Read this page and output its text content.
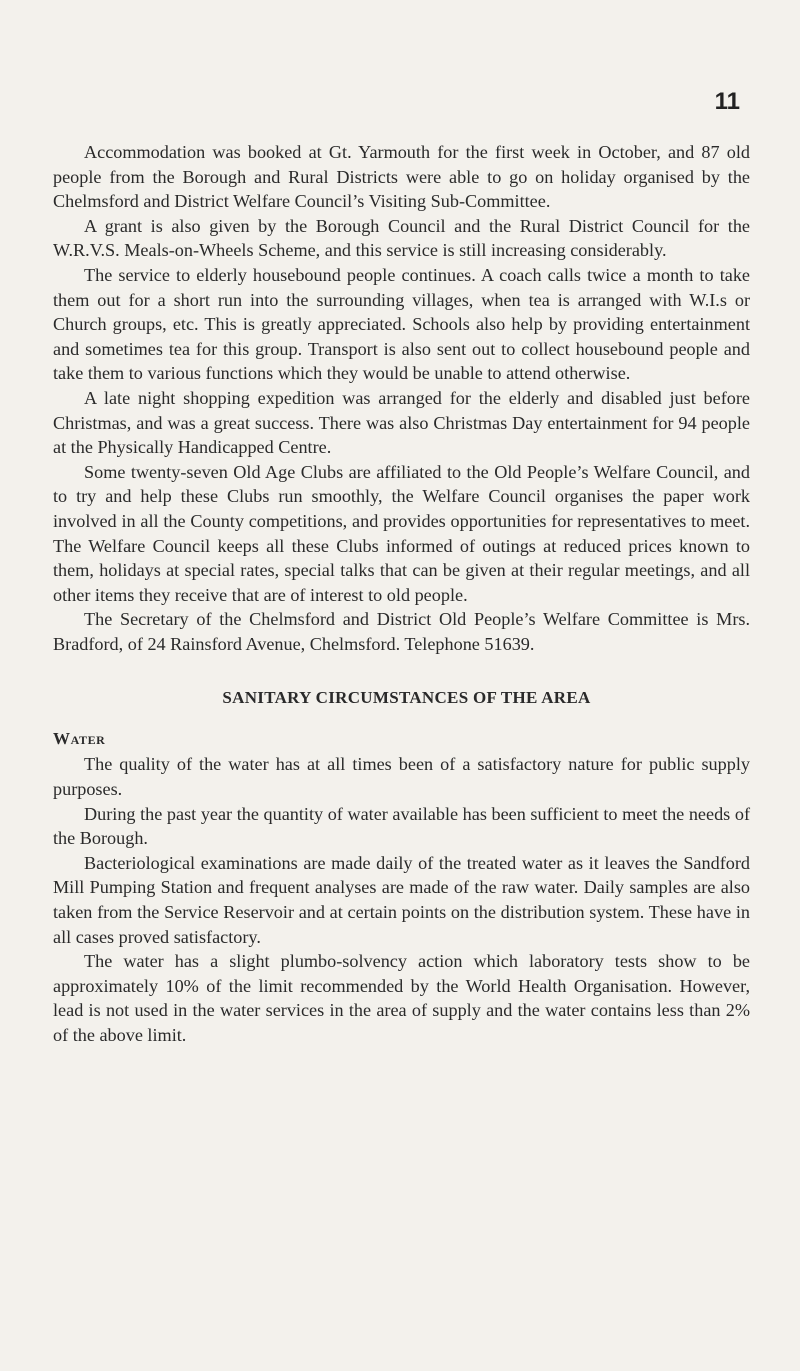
11

Accommodation was booked at Gt. Yarmouth for the first week in October, and 87 old people from the Borough and Rural Districts were able to go on holiday organised by the Chelmsford and District Welfare Council’s Visiting Sub-Committee.

A grant is also given by the Borough Council and the Rural District Council for the W.R.V.S. Meals-on-Wheels Scheme, and this service is still increasing considerably.

The service to elderly housebound people continues. A coach calls twice a month to take them out for a short run into the surrounding villages, when tea is arranged with W.I.s or Church groups, etc. This is greatly appreciated. Schools also help by providing entertainment and sometimes tea for this group. Transport is also sent out to collect housebound people and take them to various functions which they would be unable to attend otherwise.

A late night shopping expedition was arranged for the elderly and disabled just before Christmas, and was a great success. There was also Christmas Day entertainment for 94 people at the Physically Handicapped Centre.

Some twenty-seven Old Age Clubs are affiliated to the Old People’s Welfare Council, and to try and help these Clubs run smoothly, the Welfare Council organises the paper work involved in all the County competitions, and provides opportunities for representatives to meet. The Welfare Council keeps all these Clubs informed of outings at reduced prices known to them, holidays at special rates, special talks that can be given at their regular meetings, and all other items they receive that are of interest to old people.

The Secretary of the Chelmsford and District Old People’s Welfare Committee is Mrs. Bradford, of 24 Rainsford Avenue, Chelmsford. Telephone 51639.

SANITARY CIRCUMSTANCES OF THE AREA
Water

The quality of the water has at all times been of a satisfactory nature for public supply purposes.

During the past year the quantity of water available has been sufficient to meet the needs of the Borough.

Bacteriological examinations are made daily of the treated water as it leaves the Sandford Mill Pumping Station and frequent analyses are made of the raw water. Daily samples are also taken from the Service Reservoir and at certain points on the distribution system. These have in all cases proved satisfactory.

The water has a slight plumbo-solvency action which laboratory tests show to be approximately 10% of the limit recommended by the World Health Organisation. However, lead is not used in the water services in the area of supply and the water contains less than 2% of the above limit.
